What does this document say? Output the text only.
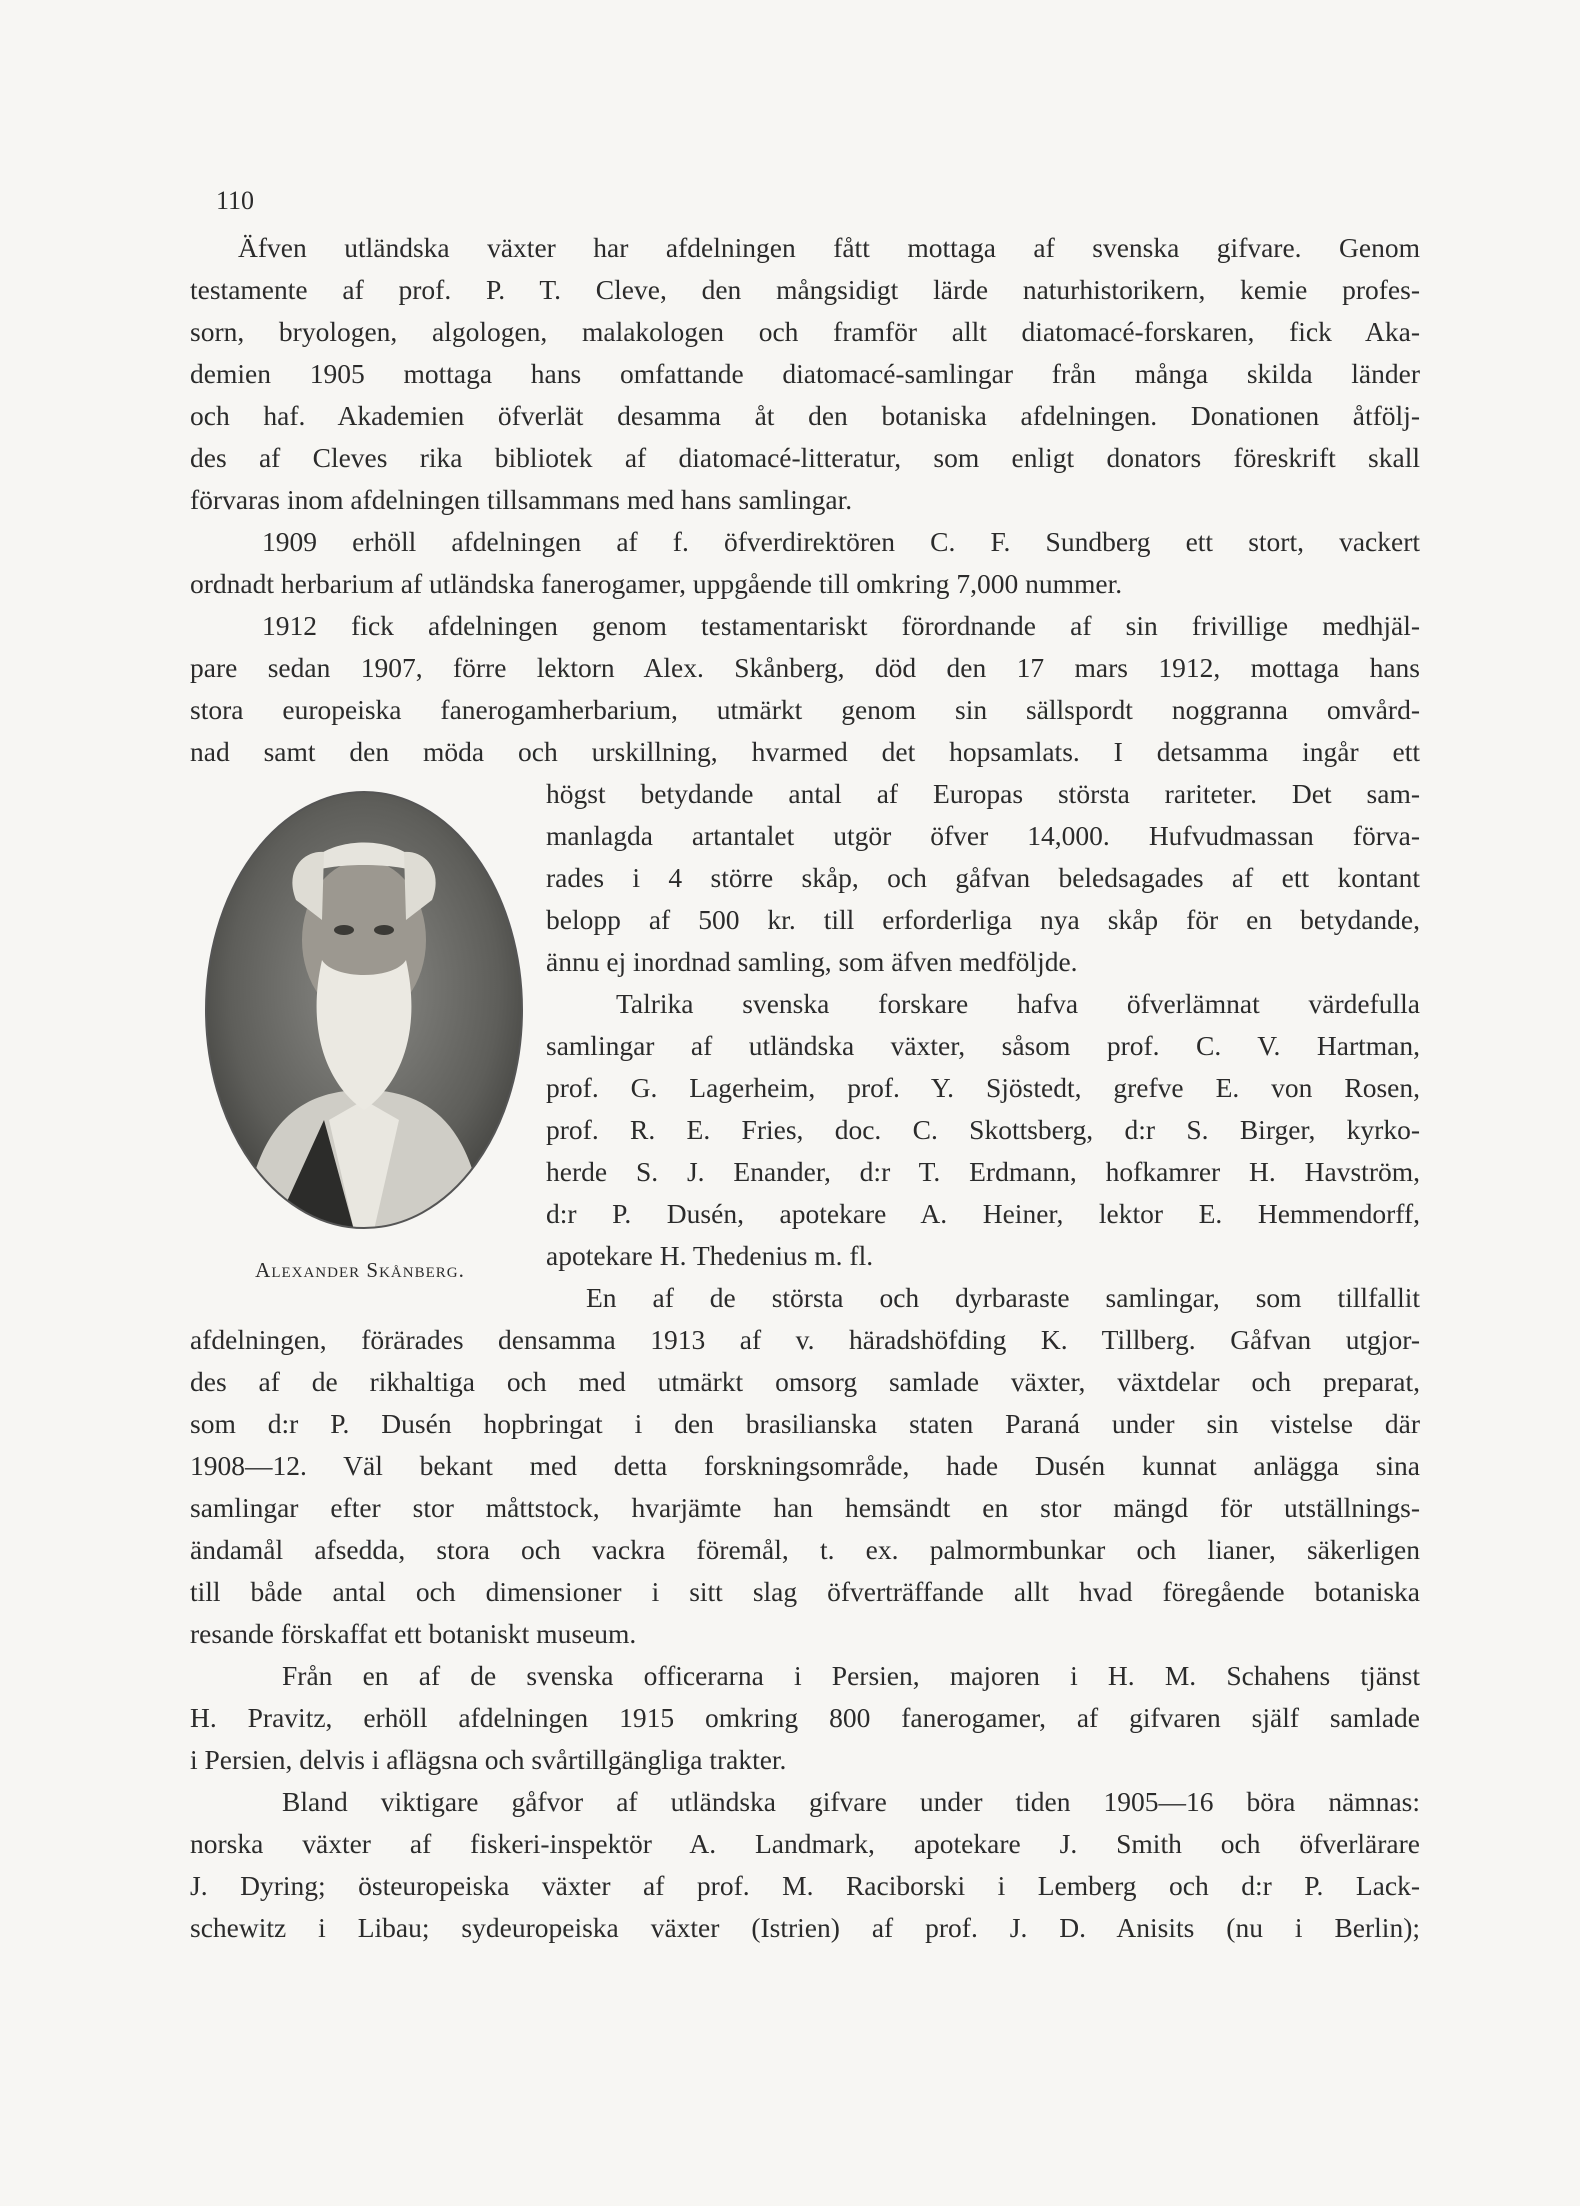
110
Äfven utländska växter har afdelningen fått mottaga af svenska gifvare. Genom
testamente af prof. P. T. Cleve, den mångsidigt lärde naturhistorikern, kemie profes-
sorn, bryologen, algologen, malakologen och framför allt diatomacé-forskaren, fick Aka-
demien 1905 mottaga hans omfattande diatomacé-samlingar från många skilda länder
och haf. Akademien öfverlät desamma åt den botaniska afdelningen. Donationen åtfölj-
des af Cleves rika bibliotek af diatomacé-litteratur, som enligt donators föreskrift skall
förvaras inom afdelningen tillsammans med hans samlingar.
1909 erhöll afdelningen af f. öfverdirektören C. F. Sundberg ett stort, vackert
ordnadt herbarium af utländska fanerogamer, uppgående till omkring 7,000 nummer.
1912 fick afdelningen genom testamentariskt förordnande af sin frivillige medhjäl-
pare sedan 1907, förre lektorn Alex. Skånberg, död den 17 mars 1912, mottaga hans
stora europeiska fanerogamherbarium, utmärkt genom sin sällspordt noggranna omvård-
nad samt den möda och urskillning, hvarmed det hopsamlats. I detsamma ingår ett
högst betydande antal af Europas största rariteter. Det sam-
manlagda artantalet utgör öfver 14,000. Hufvudmassan förva-
rades i 4 större skåp, och gåfvan beledsagades af ett kontant
belopp af 500 kr. till erforderliga nya skåp för en betydande,
ännu ej inordnad samling, som äfven medföljde.
Talrika svenska forskare hafva öfverlämnat värdefulla
samlingar af utländska växter, såsom prof. C. V. Hartman,
prof. G. Lagerheim, prof. Y. Sjöstedt, grefve E. von Rosen,
prof. R. E. Fries, doc. C. Skottsberg, d:r S. Birger, kyrko-
herde S. J. Enander, d:r T. Erdmann, hofkamrer H. Havström,
d:r P. Dusén, apotekare A. Heiner, lektor E. Hemmendorff,
apotekare H. Thedenius m. fl.
En af de största och dyrbaraste samlingar, som tillfallit
afdelningen, förärades densamma 1913 af v. häradshöfding K. Tillberg. Gåfvan utgjor-
des af de rikhaltiga och med utmärkt omsorg samlade växter, växtdelar och preparat,
som d:r P. Dusén hopbringat i den brasilianska staten Paraná under sin vistelse där
1908—12. Väl bekant med detta forskningsområde, hade Dusén kunnat anlägga sina
samlingar efter stor måttstock, hvarjämte han hemsändt en stor mängd för utställnings-
ändamål afsedda, stora och vackra föremål, t. ex. palmormbunkar och lianer, säkerligen
till både antal och dimensioner i sitt slag öfverträffande allt hvad föregående botaniska
resande förskaffat ett botaniskt museum.
Från en af de svenska officerarna i Persien, majoren i H. M. Schahens tjänst
H. Pravitz, erhöll afdelningen 1915 omkring 800 fanerogamer, af gifvaren själf samlade
i Persien, delvis i aflägsna och svårtillgängliga trakter.
Bland viktigare gåfvor af utländska gifvare under tiden 1905—16 böra nämnas:
norska växter af fiskeri-inspektör A. Landmark, apotekare J. Smith och öfverlärare
J. Dyring; östeuropeiska växter af prof. M. Raciborski i Lemberg och d:r P. Lack-
schewitz i Libau; sydeuropeiska växter (Istrien) af prof. J. D. Anisits (nu i Berlin);
Alexander Skånberg.
